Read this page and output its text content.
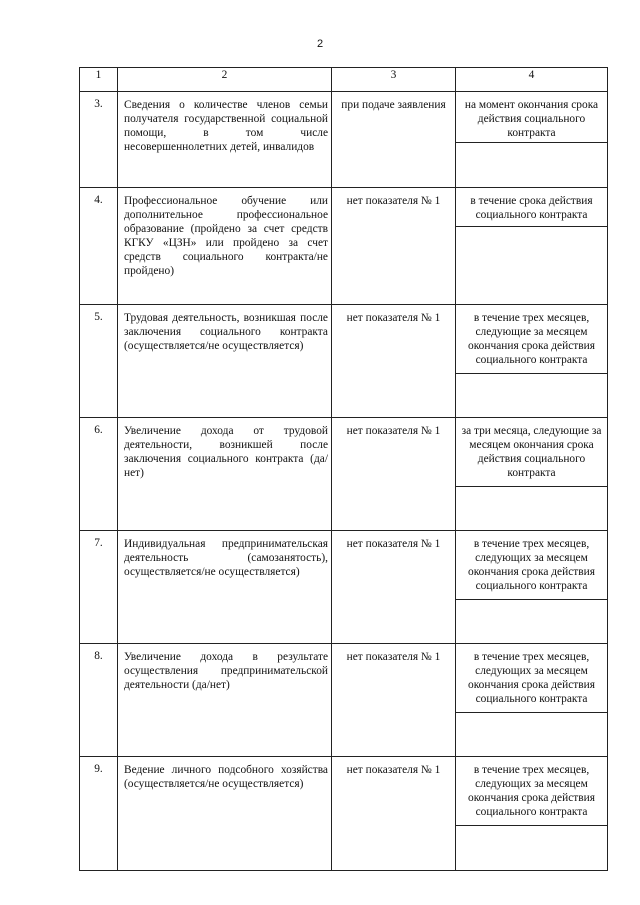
2
1	2	3	4
3.	Сведения о количестве членов семьи получателя государственной социальной помощи, в том числе несовершеннолетних детей, инвалидов	при подаче заявления	на момент окончания срока действия социального контракта

4.	Профессиональное обучение или дополнительное профессиональное образование (пройдено за счет средств КГКУ «ЦЗН» или пройдено за счет средств социального контракта/не пройдено)	нет показателя № 1	в течение срока действия социального контракта

5.	Трудовая деятельность, возникшая после заключения социального контракта (осуществляется/не осуществляется)	нет показателя № 1	в течение трех месяцев, следующие за месяцем окончания срока действия социального контракта

6.	Увеличение дохода от трудовой деятельности, возникшей после заключения социального контракта (да/нет)	нет показателя № 1	за три месяца, следующие за месяцем окончания срока действия социального контракта

7.	Индивидуальная предпринимательская деятельность (самозанятость), осуществляется/не осуществляется)	нет показателя № 1	в течение трех месяцев, следующих за месяцем окончания срока действия социального контракта

8.	Увеличение дохода в результате осуществления предпринимательской деятельности (да/нет)	нет показателя № 1	в течение трех месяцев, следующих за месяцем окончания срока действия социального контракта

9.	Ведение личного подсобного хозяйства (осуществляется/не осуществляется)	нет показателя № 1	в течение трех месяцев, следующих за месяцем окончания срока действия социального контракта
